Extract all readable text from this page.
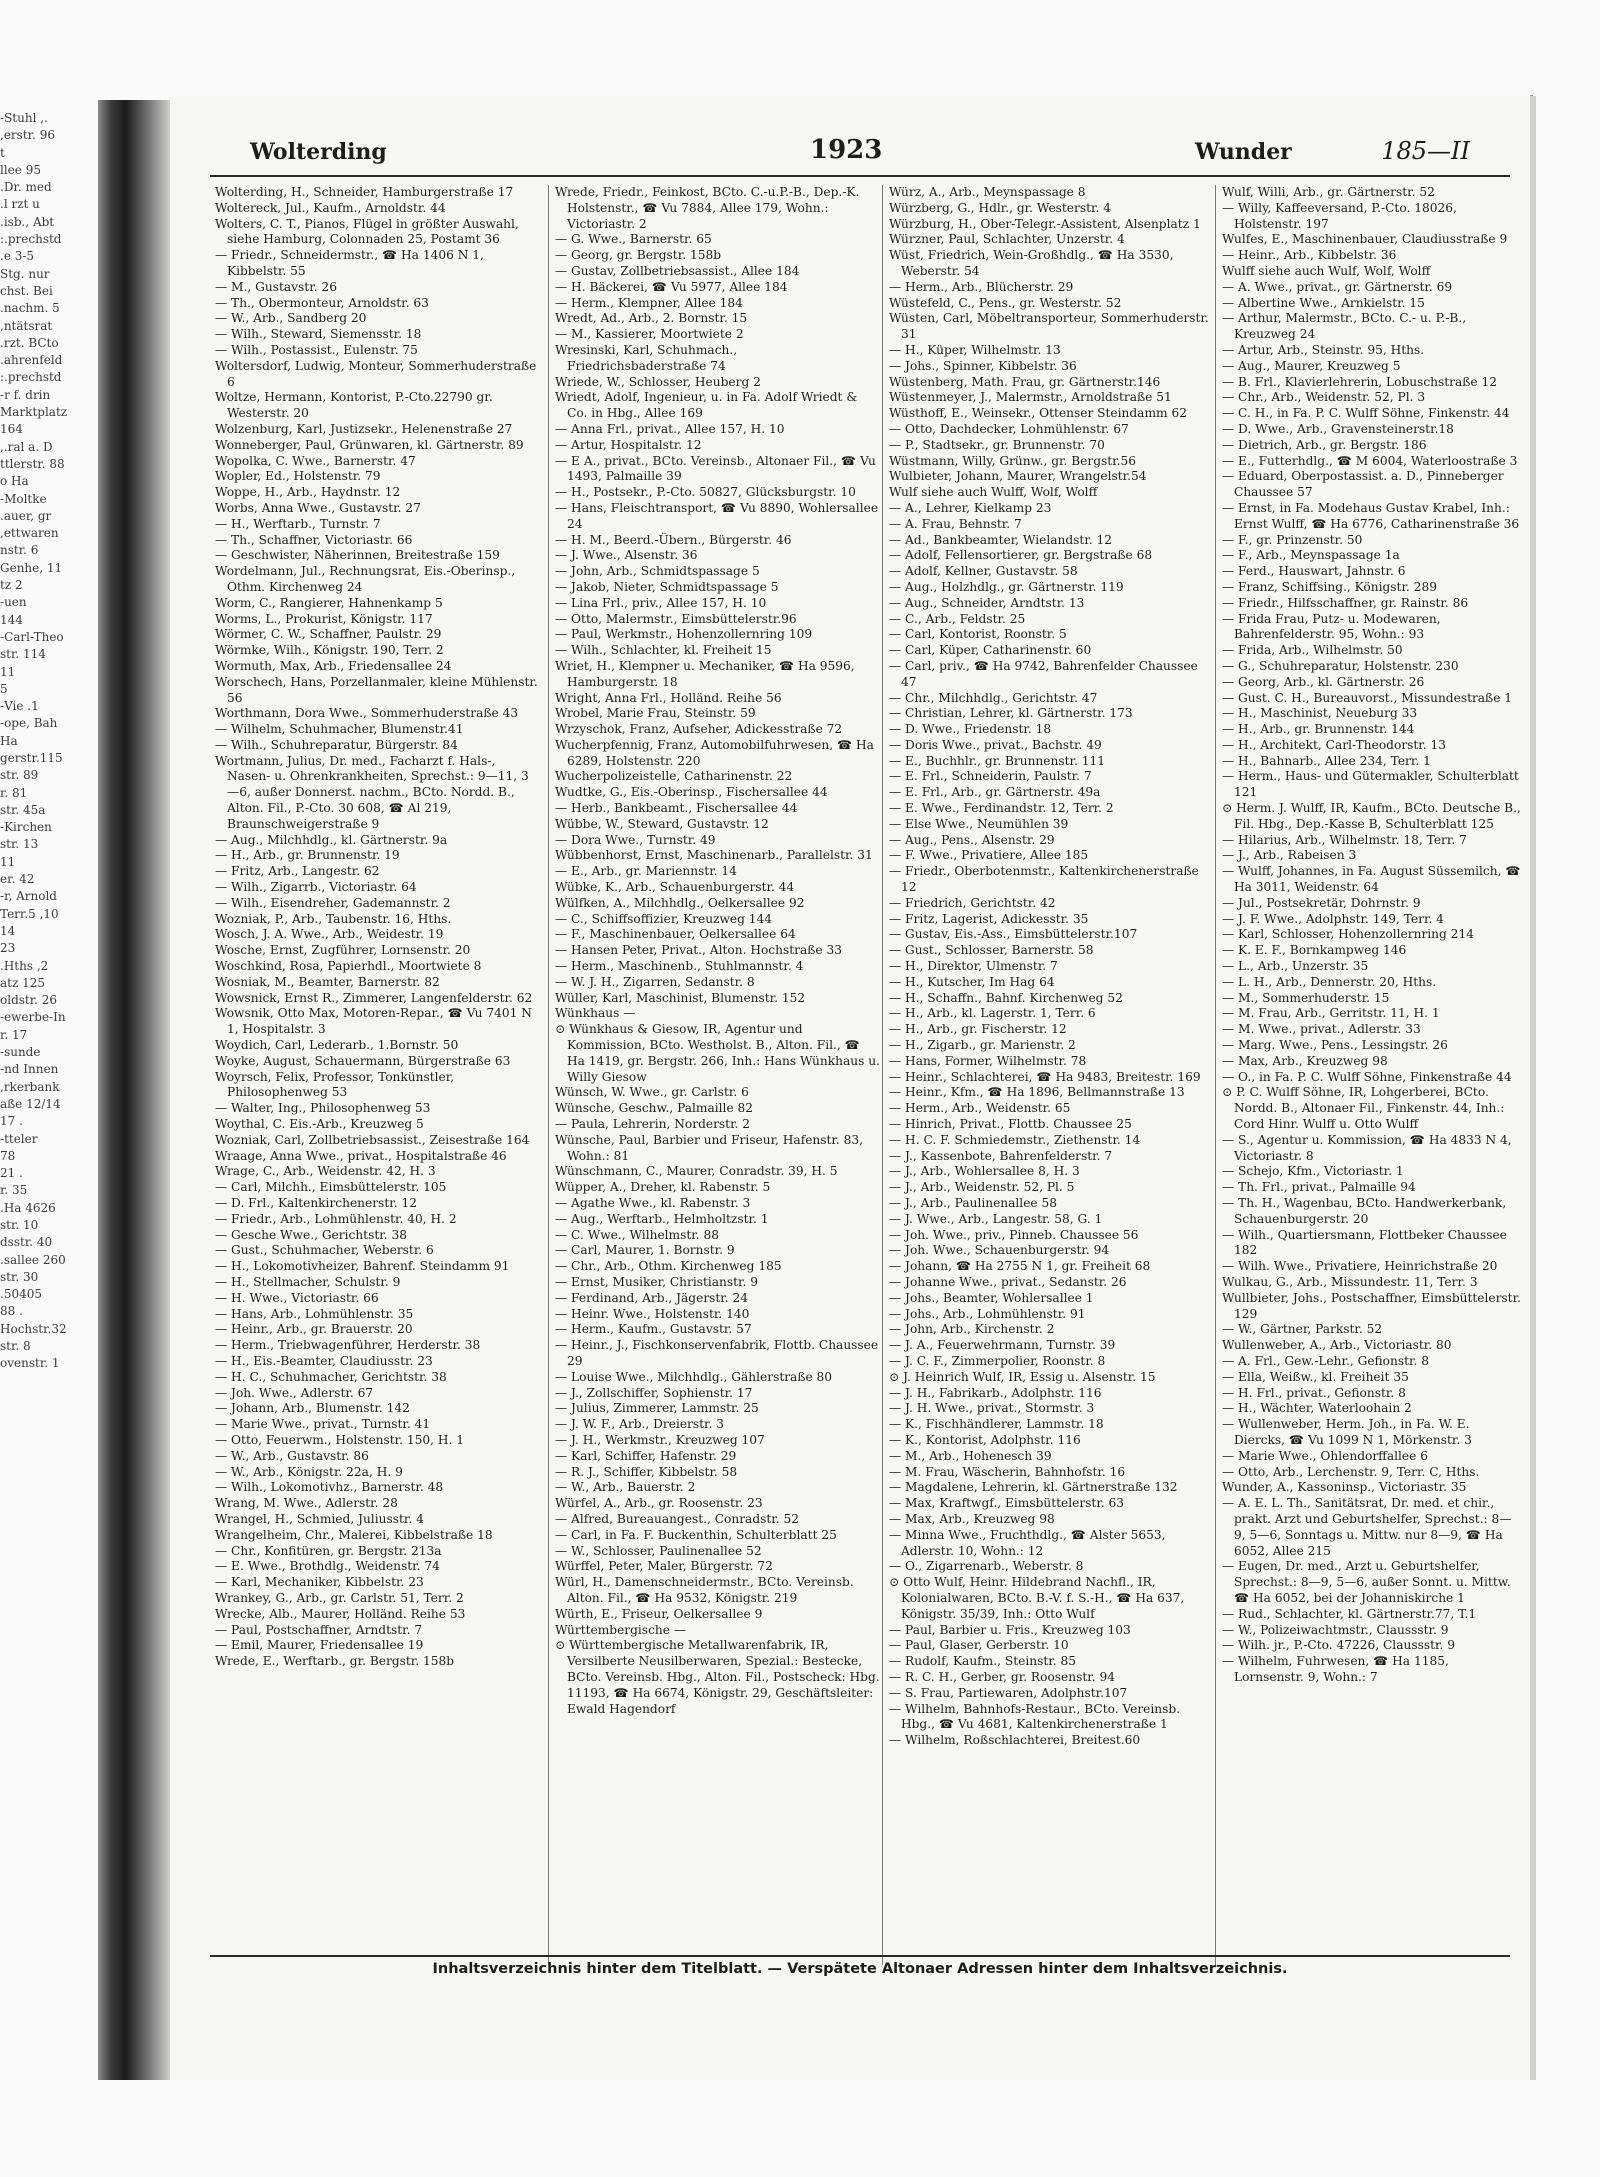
., Stuhl-
erstr. 96,
t
llee 95
Dr. med.
l rzt u.
isb., Abt.
prechstd.:
e 3-5.
Stg. nur
chst. Bei
nachm. 5.
ntätsrat,
rzt. BCto.
ahrenfeld.
prechstd.:
r f. drin-
Marktplatz
164
ral a. D.,
ttlerstr. 88
o Ha
Moltke-
auer, gr.
ettwaren,
nstr. 6
Genhe, 11
tz 2
uen-
144
Carl-Theo-
str. 114
11
5
1. Vie-
ope, Bah-
Ha
gerstr.115
str. 89
r. 81
str. 45a
Kirchen-
str. 13
11
er. 42
r, Arnold-
10, Terr.5
14
23
2, Hths.
atz 125
oldstr. 26
ewerbe-In-
r. 17
sunde-
nd Innen-
rkerbank,
aße 12/14
. 17
tteler-
78
. 21
r. 35
Ha 4626.
str. 10
dsstr. 40
sallee 260.
str. 30
50405.
. 88
Hochstr.32
str. 8
ovenstr. 1
Wolterding	1923	Wunder	185—II
Wolterding, H., Schneider, Hamburgerstraße 17
Woltereck, Jul., Kaufm., Arnoldstr. 44
Wolters, C. T., Pianos, Flügel in größter Auswahl, siehe Hamburg, Colonnaden 25, Postamt 36
— Friedr., Schneidermstr., ☎ Ha 1406 N 1, Kibbelstr. 55
— M., Gustavstr. 26
— Th., Obermonteur, Arnoldstr. 63
— W., Arb., Sandberg 20
— Wilh., Steward, Siemensstr. 18
— Wilh., Postassist., Eulenstr. 75
Woltersdorf, Ludwig, Monteur, Sommerhuderstraße 6
Woltze, Hermann, Kontorist, P.-Cto.22790 gr. Westerstr. 20
Wolzenburg, Karl, Justizsekr., Helenenstraße 27
Wonneberger, Paul, Grünwaren, kl. Gärtnerstr. 89
Wopolka, C. Wwe., Barnerstr. 47
Wopler, Ed., Holstenstr. 79
Woppe, H., Arb., Haydnstr. 12
Worbs, Anna Wwe., Gustavstr. 27
— H., Werftarb., Turnstr. 7
— Th., Schaffner, Victoriastr. 66
— Geschwister, Näherinnen, Breitestraße 159
Wordelmann, Jul., Rechnungsrat, Eis.-Oberinsp., Othm. Kirchenweg 24
Worm, C., Rangierer, Hahnenkamp 5
Worms, L., Prokurist, Königstr. 117
Wörmer, C. W., Schaffner, Paulstr. 29
Wörmke, Wilh., Königstr. 190, Terr. 2
Wormuth, Max, Arb., Friedensallee 24
Worschech, Hans, Porzellanmaler, kleine Mühlenstr. 56
Worthmann, Dora Wwe., Sommerhuderstraße 43
— Wilhelm, Schuhmacher, Blumenstr.41
— Wilh., Schuhreparatur, Bürgerstr. 84
Wortmann, Julius, Dr. med., Facharzt f. Hals-, Nasen- u. Ohrenkrankheiten, Sprechst.: 9—11, 3—6, außer Donnerst. nachm., BCto. Nordd. B., Alton. Fil., P.-Cto. 30 608, ☎ Al 219, Braunschweigerstraße 9
— Aug., Milchhdlg., kl. Gärtnerstr. 9a
— H., Arb., gr. Brunnenstr. 19
— Fritz, Arb., Langestr. 62
— Wilh., Zigarrb., Victoriastr. 64
— Wilh., Eisendreher, Gademannstr. 2
Wozniak, P., Arb., Taubenstr. 16, Hths.
Wosch, J. A. Wwe., Arb., Weidestr. 19
Wosche, Ernst, Zugführer, Lornsenstr. 20
Woschkind, Rosa, Papierhdl., Moortwiete 8
Wosniak, M., Beamter, Barnerstr. 82
Wowsnick, Ernst R., Zimmerer, Langenfelderstr. 62
Wowsnik, Otto Max, Motoren-Repar., ☎ Vu 7401 N 1, Hospitalstr. 3
Woydich, Carl, Lederarb., 1.Bornstr. 50
Woyke, August, Schauermann, Bürgerstraße 63
Woyrsch, Felix, Professor, Tonkünstler, Philosophenweg 53
— Walter, Ing., Philosophenweg 53
Woythal, C. Eis.-Arb., Kreuzweg 5
Wozniak, Carl, Zollbetriebsassist., Zeisestraße 164
Wraage, Anna Wwe., privat., Hospitalstraße 46
Wrage, C., Arb., Weidenstr. 42, H. 3
— Carl, Milchh., Eimsbüttelerstr. 105
— D. Frl., Kaltenkirchenerstr. 12
— Friedr., Arb., Lohmühlenstr. 40, H. 2
— Gesche Wwe., Gerichtstr. 38
— Gust., Schuhmacher, Weberstr. 6
— H., Lokomotivheizer, Bahrenf. Steindamm 91
— H., Stellmacher, Schulstr. 9
— H. Wwe., Victoriastr. 66
— Hans, Arb., Lohmühlenstr. 35
— Heinr., Arb., gr. Brauerstr. 20
— Herm., Triebwagenführer, Herderstr. 38
— H., Eis.-Beamter, Claudiusstr. 23
— H. C., Schuhmacher, Gerichtstr. 38
— Joh. Wwe., Adlerstr. 67
— Johann, Arb., Blumenstr. 142
— Marie Wwe., privat., Turnstr. 41
— Otto, Feuerwm., Holstenstr. 150, H. 1
— W., Arb., Gustavstr. 86
— W., Arb., Königstr. 22a, H. 9
— Wilh., Lokomotivhz., Barnerstr. 48
Wrang, M. Wwe., Adlerstr. 28
Wrangel, H., Schmied, Juliusstr. 4
Wrangelheim, Chr., Malerei, Kibbelstraße 18
— Chr., Konfitüren, gr. Bergstr. 213a
— E. Wwe., Brothdlg., Weidenstr. 74
— Karl, Mechaniker, Kibbelstr. 23
Wrankey, G., Arb., gr. Carlstr. 51, Terr. 2
Wrecke, Alb., Maurer, Holländ. Reihe 53
— Paul, Postschaffner, Arndtstr. 7
— Emil, Maurer, Friedensallee 19
Wrede, E., Werftarb., gr. Bergstr. 158b
Wrede, Friedr., Feinkost, BCto. C.-u.P.-B., Dep.-K. Holstenstr., ☎ Vu 7884, Allee 179, Wohn.: Victoriastr. 2
— G. Wwe., Barnerstr. 65
— Georg, gr. Bergstr. 158b
— Gustav, Zollbetriebsassist., Allee 184
— H. Bäckerei, ☎ Vu 5977, Allee 184
— Herm., Klempner, Allee 184
Wredt, Ad., Arb., 2. Bornstr. 15
— M., Kassierer, Moortwiete 2
Wresinski, Karl, Schuhmach., Friedrichsbaderstraße 74
Wriede, W., Schlosser, Heuberg 2
Wriedt, Adolf, Ingenieur, u. in Fa. Adolf Wriedt & Co. in Hbg., Allee 169
— Anna Frl., privat., Allee 157, H. 10
— Artur, Hospitalstr. 12
— E A., privat., BCto. Vereinsb., Altonaer Fil., ☎ Vu 1493, Palmaille 39
— H., Postsekr., P.-Cto. 50827, Glücksburgstr. 10
— Hans, Fleischtransport, ☎ Vu 8890, Wohlersallee 24
— H. M., Beerd.-Übern., Bürgerstr. 46
— J. Wwe., Alsenstr. 36
— John, Arb., Schmidtspassage 5
— Jakob, Nieter, Schmidtspassage 5
— Lina Frl., priv., Allee 157, H. 10
— Otto, Malermstr., Eimsbüttelerstr.96
— Paul, Werkmstr., Hohenzollernring 109
— Wilh., Schlachter, kl. Freiheit 15
Wriet, H., Klempner u. Mechaniker, ☎ Ha 9596, Hamburgerstr. 18
Wright, Anna Frl., Holländ. Reihe 56
Wrobel, Marie Frau, Steinstr. 59
Wrzyschok, Franz, Aufseher, Adickesstraße 72
Wucherpfennig, Franz, Automobilfuhrwesen, ☎ Ha 6289, Holstenstr. 220
Wucherpolizeistelle, Catharinenstr. 22
Wudtke, G., Eis.-Oberinsp., Fischersallee 44
— Herb., Bankbeamt., Fischersallee 44
Wübbe, W., Steward, Gustavstr. 12
— Dora Wwe., Turnstr. 49
Wübbenhorst, Ernst, Maschinenarb., Parallelstr. 31
— E., Arb., gr. Mariennstr. 14
Wübke, K., Arb., Schauenburgerstr. 44
Wülfken, A., Milchhdlg., Oelkersallee 92
— C., Schiffsoffizier, Kreuzweg 144
— F., Maschinenbauer, Oelkersallee 64
— Hansen Peter, Privat., Alton. Hochstraße 33
— Herm., Maschinenb., Stuhlmannstr. 4
— W. J. H., Zigarren, Sedanstr. 8
Wüller, Karl, Maschinist, Blumenstr. 152
Wünkhaus —
⊙ Wünkhaus & Giesow, IR, Agentur und Kommission, BCto. Westholst. B., Alton. Fil., ☎ Ha 1419, gr. Bergstr. 266, Inh.: Hans Wünkhaus u. Willy Giesow
Wünsch, W. Wwe., gr. Carlstr. 6
Wünsche, Geschw., Palmaille 82
— Paula, Lehrerin, Norderstr. 2
Wünsche, Paul, Barbier und Friseur, Hafenstr. 83, Wohn.: 81
Wünschmann, C., Maurer, Conradstr. 39, H. 5
Wüpper, A., Dreher, kl. Rabenstr. 5
— Agathe Wwe., kl. Rabenstr. 3
— Aug., Werftarb., Helmholtzstr. 1
— C. Wwe., Wilhelmstr. 88
— Carl, Maurer, 1. Bornstr. 9
— Chr., Arb., Othm. Kirchenweg 185
— Ernst, Musiker, Christianstr. 9
— Ferdinand, Arb., Jägerstr. 24
— Heinr. Wwe., Holstenstr. 140
— Herm., Kaufm., Gustavstr. 57
— Heinr., J., Fischkonservenfabrik, Flottb. Chaussee 29
— Louise Wwe., Milchhdlg., Gählerstraße 80
— J., Zollschiffer, Sophienstr. 17
— Julius, Zimmerer, Lammstr. 25
— J. W. F., Arb., Dreierstr. 3
— J. H., Werkmstr., Kreuzweg 107
— Karl, Schiffer, Hafenstr. 29
— R. J., Schiffer, Kibbelstr. 58
— W., Arb., Bauerstr. 2
Würfel, A., Arb., gr. Roosenstr. 23
— Alfred, Bureauangest., Conradstr. 52
— Carl, in Fa. F. Buckenthin, Schulterblatt 25
— W., Schlosser, Paulinenallee 52
Würffel, Peter, Maler, Bürgerstr. 72
Würl, H., Damenschneidermstr., BCto. Vereinsb. Alton. Fil., ☎ Ha 9532, Königstr. 219
Würth, E., Friseur, Oelkersallee 9
Württembergische —
⊙ Württembergische Metallwarenfabrik, IR, Versilberte Neusilberwaren, Spezial.: Bestecke, BCto. Vereinsb. Hbg., Alton. Fil., Postscheck: Hbg. 11193, ☎ Ha 6674, Königstr. 29, Geschäftsleiter: Ewald Hagendorf
Würz, A., Arb., Meynspassage 8
Würzberg, G., Hdlr., gr. Westerstr. 4
Würzburg, H., Ober-Telegr.-Assistent, Alsenplatz 1
Würzner, Paul, Schlachter, Unzerstr. 4
Wüst, Friedrich, Wein-Großhdlg., ☎ Ha 3530, Weberstr. 54
— Herm., Arb., Blücherstr. 29
Wüstefeld, C., Pens., gr. Westerstr. 52
Wüsten, Carl, Möbeltransporteur, Sommerhuderstr. 31
— H., Küper, Wilhelmstr. 13
— Johs., Spinner, Kibbelstr. 36
Wüstenberg, Math. Frau, gr. Gärtnerstr.146
Wüstenmeyer, J., Malermstr., Arnoldstraße 51
Wüsthoff, E., Weinsekr., Ottenser Steindamm 62
— Otto, Dachdecker, Lohmühlenstr. 67
— P., Stadtsekr., gr. Brunnenstr. 70
Wüstmann, Willy, Grünw., gr. Bergstr.56
Wulbieter, Johann, Maurer, Wrangelstr.54
Wulf siehe auch Wulff, Wolf, Wolff
— A., Lehrer, Kielkamp 23
— A. Frau, Behnstr. 7
— Ad., Bankbeamter, Wielandstr. 12
— Adolf, Fellensortierer, gr. Bergstraße 68
— Adolf, Kellner, Gustavstr. 58
— Aug., Holzhdlg., gr. Gärtnerstr. 119
— Aug., Schneider, Arndtstr. 13
— C., Arb., Feldstr. 25
— Carl, Kontorist, Roonstr. 5
— Carl, Küper, Catharinenstr. 60
— Carl, priv., ☎ Ha 9742, Bahrenfelder Chaussee 47
— Chr., Milchhdlg., Gerichtstr. 47
— Christian, Lehrer, kl. Gärtnerstr. 173
— D. Wwe., Friedenstr. 18
— Doris Wwe., privat., Bachstr. 49
— E., Buchhlr., gr. Brunnenstr. 111
— E. Frl., Schneiderin, Paulstr. 7
— E. Frl., Arb., gr. Gärtnerstr. 49a
— E. Wwe., Ferdinandstr. 12, Terr. 2
— Else Wwe., Neumühlen 39
— Aug., Pens., Alsenstr. 29
— F. Wwe., Privatiere, Allee 185
— Friedr., Oberbotenmstr., Kaltenkirchenerstraße 12
— Friedrich, Gerichtstr. 42
— Fritz, Lagerist, Adickesstr. 35
— Gustav, Eis.-Ass., Eimsbüttelerstr.107
— Gust., Schlosser, Barnerstr. 58
— H., Direktor, Ulmenstr. 7
— H., Kutscher, Im Hag 64
— H., Schaffn., Bahnf. Kirchenweg 52
— H., Arb., kl. Lagerstr. 1, Terr. 6
— H., Arb., gr. Fischerstr. 12
— H., Zigarb., gr. Marienstr. 2
— Hans, Former, Wilhelmstr. 78
— Heinr., Schlachterei, ☎ Ha 9483, Breitestr. 169
— Heinr., Kfm., ☎ Ha 1896, Bellmannstraße 13
— Herm., Arb., Weidenstr. 65
— Hinrich, Privat., Flottb. Chaussee 25
— H. C. F. Schmiedemstr., Ziethenstr. 14
— J., Kassenbote, Bahrenfelderstr. 7
— J., Arb., Wohlersallee 8, H. 3
— J., Arb., Weidenstr. 52, Pl. 5
— J., Arb., Paulinenallee 58
— J. Wwe., Arb., Langestr. 58, G. 1
— Joh. Wwe., priv., Pinneb. Chaussee 56
— Joh. Wwe., Schauenburgerstr. 94
— Johann, ☎ Ha 2755 N 1, gr. Freiheit 68
— Johanne Wwe., privat., Sedanstr. 26
— Johs., Beamter, Wohlersallee 1
— Johs., Arb., Lohmühlenstr. 91
— John, Arb., Kirchenstr. 2
— J. A., Feuerwehrmann, Turnstr. 39
— J. C. F., Zimmerpolier, Roonstr. 8
⊙ J. Heinrich Wulf, IR, Essig u. Alsenstr. 15
— J. H., Fabrikarb., Adolphstr. 116
— J. H. Wwe., privat., Stormstr. 3
— K., Fischhändlerer, Lammstr. 18
— K., Kontorist, Adolphstr. 116
— M., Arb., Hohenesch 39
— M. Frau, Wäscherin, Bahnhofstr. 16
— Magdalene, Lehrerin, kl. Gärtnerstraße 132
— Max, Kraftwgf., Eimsbüttelerstr. 63
— Max, Arb., Kreuzweg 98
— Minna Wwe., Fruchthdlg., ☎ Alster 5653, Adlerstr. 10, Wohn.: 12
— O., Zigarrenarb., Weberstr. 8
⊙ Otto Wulf, Heinr. Hildebrand Nachfl., IR, Kolonialwaren, BCto. B.-V. f. S.-H., ☎ Ha 637, Königstr. 35/39, Inh.: Otto Wulf
— Paul, Barbier u. Fris., Kreuzweg 103
— Paul, Glaser, Gerberstr. 10
— Rudolf, Kaufm., Steinstr. 85
— R. C. H., Gerber, gr. Roosenstr. 94
— S. Frau, Partiewaren, Adolphstr.107
— Wilhelm, Bahnhofs-Restaur., BCto. Vereinsb. Hbg., ☎ Vu 4681, Kaltenkirchenerstraße 1
— Wilhelm, Roßschlachterei, Breitest.60
Wulf, Willi, Arb., gr. Gärtnerstr. 52
— Willy, Kaffeeversand, P.-Cto. 18026, Holstenstr. 197
Wulfes, E., Maschinenbauer, Claudiusstraße 9
— Heinr., Arb., Kibbelstr. 36
Wulff siehe auch Wulf, Wolf, Wolff
— A. Wwe., privat., gr. Gärtnerstr. 69
— Albertine Wwe., Arnkielstr. 15
— Arthur, Malermstr., BCto. C.- u. P.-B., Kreuzweg 24
— Artur, Arb., Steinstr. 95, Hths.
— Aug., Maurer, Kreuzweg 5
— B. Frl., Klavierlehrerin, Lobuschstraße 12
— Chr., Arb., Weidenstr. 52, Pl. 3
— C. H., in Fa. P. C. Wulff Söhne, Finkenstr. 44
— D. Wwe., Arb., Gravensteinerstr.18
— Dietrich, Arb., gr. Bergstr. 186
— E., Futterhdlg., ☎ M 6004, Waterloostraße 3
— Eduard, Oberpostassist. a. D., Pinneberger Chaussee 57
— Ernst, in Fa. Modehaus Gustav Krabel, Inh.: Ernst Wulff, ☎ Ha 6776, Catharinenstraße 36
— F., gr. Prinzenstr. 50
— F., Arb., Meynspassage 1a
— Ferd., Hauswart, Jahnstr. 6
— Franz, Schiffsing., Königstr. 289
— Friedr., Hilfsschaffner, gr. Rainstr. 86
— Frida Frau, Putz- u. Modewaren, Bahrenfelderstr. 95, Wohn.: 93
— Frida, Arb., Wilhelmstr. 50
— G., Schuhreparatur, Holstenstr. 230
— Georg, Arb., kl. Gärtnerstr. 26
— Gust. C. H., Bureauvorst., Missundestraße 1
— H., Maschinist, Neueburg 33
— H., Arb., gr. Brunnenstr. 144
— H., Architekt, Carl-Theodorstr. 13
— H., Bahnarb., Allee 234, Terr. 1
— Herm., Haus- und Gütermakler, Schulterblatt 121
⊙ Herm. J. Wulff, IR, Kaufm., BCto. Deutsche B., Fil. Hbg., Dep.-Kasse B, Schulterblatt 125
— Hilarius, Arb., Wilhelmstr. 18, Terr. 7
— J., Arb., Rabeisen 3
— Wulff, Johannes, in Fa. August Süssemilch, ☎ Ha 3011, Weidenstr. 64
— Jul., Postsekretär, Dohrnstr. 9
— J. F. Wwe., Adolphstr. 149, Terr. 4
— Karl, Schlosser, Hohenzollernring 214
— K. E. F., Bornkampweg 146
— L., Arb., Unzerstr. 35
— L. H., Arb., Dennerstr. 20, Hths.
— M., Sommerhuderstr. 15
— M. Frau, Arb., Gerritstr. 11, H. 1
— M. Wwe., privat., Adlerstr. 33
— Marg. Wwe., Pens., Lessingstr. 26
— Max, Arb., Kreuzweg 98
— O., in Fa. P. C. Wulff Söhne, Finkenstraße 44
⊙ P. C. Wulff Söhne, IR, Lohgerberei, BCto. Nordd. B., Altonaer Fil., Finkenstr. 44, Inh.: Cord Hinr. Wulff u. Otto Wulff
— S., Agentur u. Kommission, ☎ Ha 4833 N 4, Victoriastr. 8
— Schejo, Kfm., Victoriastr. 1
— Th. Frl., privat., Palmaille 94
— Th. H., Wagenbau, BCto. Handwerkerbank, Schauenburgerstr. 20
— Wilh., Quartiersmann, Flottbeker Chaussee 182
— Wilh. Wwe., Privatiere, Heinrichstraße 20
Wulkau, G., Arb., Missundestr. 11, Terr. 3
Wullbieter, Johs., Postschaffner, Eimsbüttelerstr. 129
— W., Gärtner, Parkstr. 52
Wullenweber, A., Arb., Victoriastr. 80
— A. Frl., Gew.-Lehr., Gefionstr. 8
— Ella, Weißw., kl. Freiheit 35
— H. Frl., privat., Gefionstr. 8
— H., Wächter, Waterloohain 2
— Wullenweber, Herm. Joh., in Fa. W. E. Diercks, ☎ Vu 1099 N 1, Mörkenstr. 3
— Marie Wwe., Ohlendorffallee 6
— Otto, Arb., Lerchenstr. 9, Terr. C, Hths.
Wunder, A., Kassoninsp., Victoriastr. 35
— A. E. L. Th., Sanitätsrat, Dr. med. et chir., prakt. Arzt und Geburtshelfer, Sprechst.: 8—9, 5—6, Sonntags u. Mittw. nur 8—9, ☎ Ha 6052, Allee 215
— Eugen, Dr. med., Arzt u. Geburtshelfer, Sprechst.: 8—9, 5—6, außer Sonnt. u. Mittw. ☎ Ha 6052, bei der Johanniskirche 1
— Rud., Schlachter, kl. Gärtnerstr.77, T.1
— W., Polizeiwachtmstr., Claussstr. 9
— Wilh. jr., P.-Cto. 47226, Claussstr. 9
— Wilhelm, Fuhrwesen, ☎ Ha 1185, Lornsenstr. 9, Wohn.: 7
Inhaltsverzeichnis hinter dem Titelblatt. — Verspätete Altonaer Adressen hinter dem Inhaltsverzeichnis.
